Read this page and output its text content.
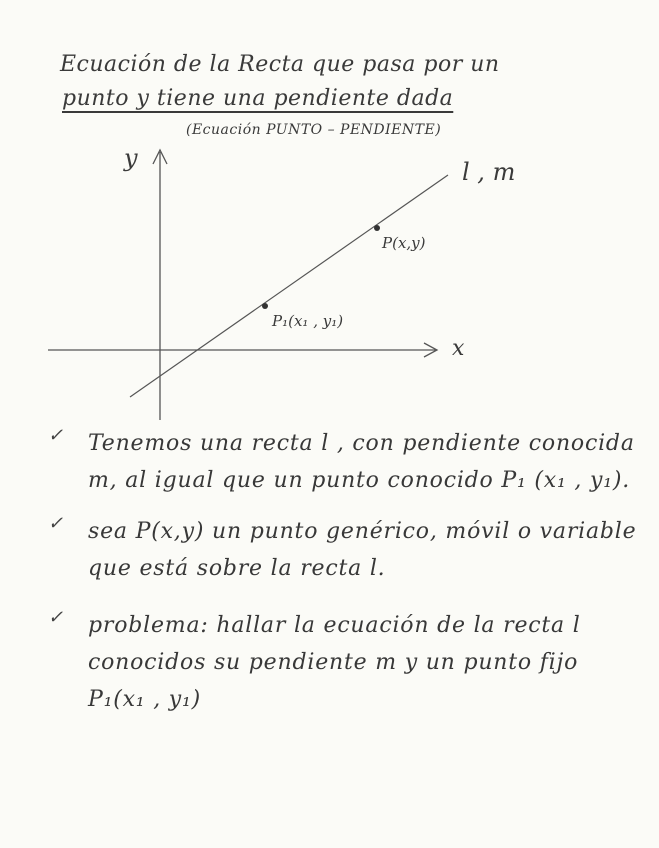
Ecuación de la Recta que pasa por un
punto y tiene una pendiente dada
(Ecuación PUNTO – PENDIENTE)
y
x
l , m
P(x,y)
P₁(x₁ , y₁)
✓ Tenemos una recta l , con pendiente conocida m, al igual que un punto conocido P₁ (x₁ , y₁).

✓ sea P(x,y) un punto genérico, móvil o variable que está sobre la recta l.

✓ problema: hallar la ecuación de la recta l conocidos su pendiente m y un punto fijo P₁(x₁ , y₁)
